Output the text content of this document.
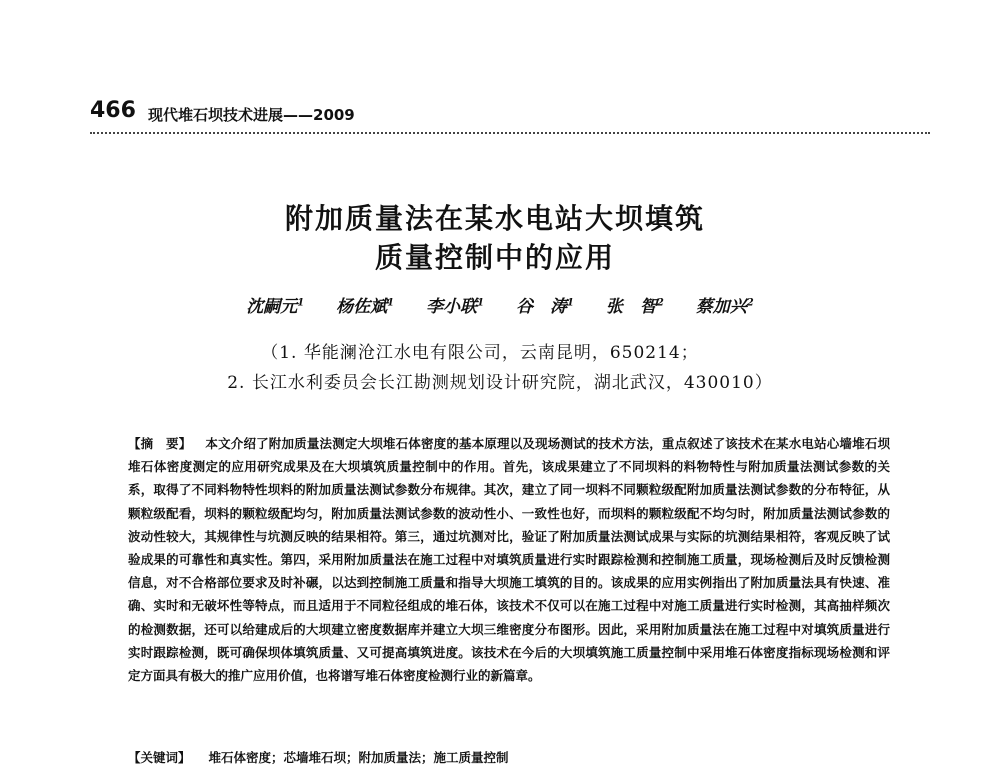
466 现代堆石坝技术进展——2009
附加质量法在某水电站大坝填筑
质量控制中的应用
沈嗣元$^1$ 杨佐斌$^1$ 李小联$^1$ 谷　涛$^1$ 张　智$^2$ 蔡加兴$^2$
（1. 华能澜沧江水电有限公司，云南昆明，650214；
2. 长江水利委员会长江勘测规划设计研究院，湖北武汉，430010）
【摘　要】 本文介绍了附加质量法测定大坝堆石体密度的基本原理以及现场测试的技术方法，重点叙述了该技术在某水电站心墙堆石坝堆石体密度测定的应用研究成果及在大坝填筑质量控制中的作用。首先，该成果建立了不同坝料的料物特性与附加质量法测试参数的关系，取得了不同料物特性坝料的附加质量法测试参数分布规律。其次，建立了同一坝料不同颗粒级配附加质量法测试参数的分布特征，从颗粒级配看，坝料的颗粒级配均匀，附加质量法测试参数的波动性小、一致性也好，而坝料的颗粒级配不均匀时，附加质量法测试参数的波动性较大，其规律性与坑测反映的结果相符。第三，通过坑测对比，验证了附加质量法测试成果与实际的坑测结果相符，客观反映了试验成果的可靠性和真实性。第四，采用附加质量法在施工过程中对填筑质量进行实时跟踪检测和控制施工质量，现场检测后及时反馈检测信息，对不合格部位要求及时补碾，以达到控制施工质量和指导大坝施工填筑的目的。该成果的应用实例指出了附加质量法具有快速、准确、实时和无破坏性等特点，而且适用于不同粒径组成的堆石体，该技术不仅可以在施工过程中对施工质量进行实时检测，其高抽样频次的检测数据，还可以给建成后的大坝建立密度数据库并建立大坝三维密度分布图形。因此，采用附加质量法在施工过程中对填筑质量进行实时跟踪检测，既可确保坝体填筑质量、又可提高填筑进度。该技术在今后的大坝填筑施工质量控制中采用堆石体密度指标现场检测和评定方面具有极大的推广应用价值，也将谱写堆石体密度检测行业的新篇章。
【关键词】 堆石体密度；芯墙堆石坝；附加质量法；施工质量控制
